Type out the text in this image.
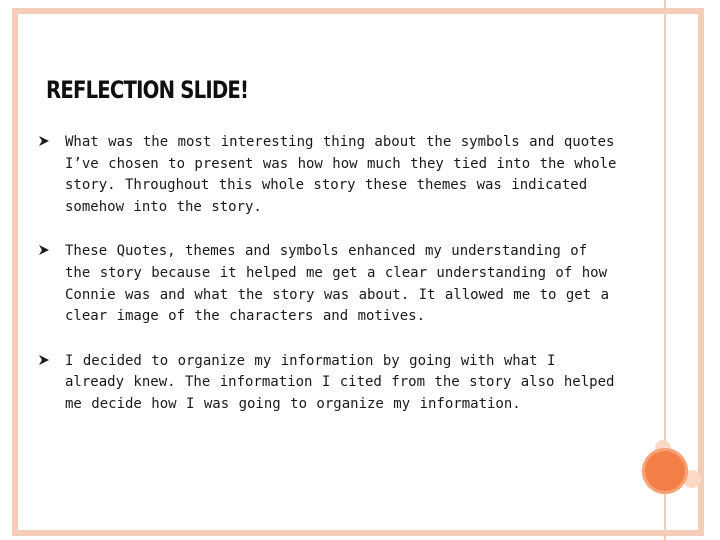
REFLECTION SLIDE!
What was the most interesting thing about the symbols and quotes I’ve chosen to present was how how much they tied into the whole story. Throughout this whole story these themes was indicated somehow into the story.
These Quotes, themes and symbols enhanced my understanding of the story because it helped me get a clear understanding of how Connie was and what the story was about. It allowed me to get a clear image of the characters and motives.
I decided to organize my information by going with what I already knew. The information I cited from the story also helped me decide how I was going to organize my information.
